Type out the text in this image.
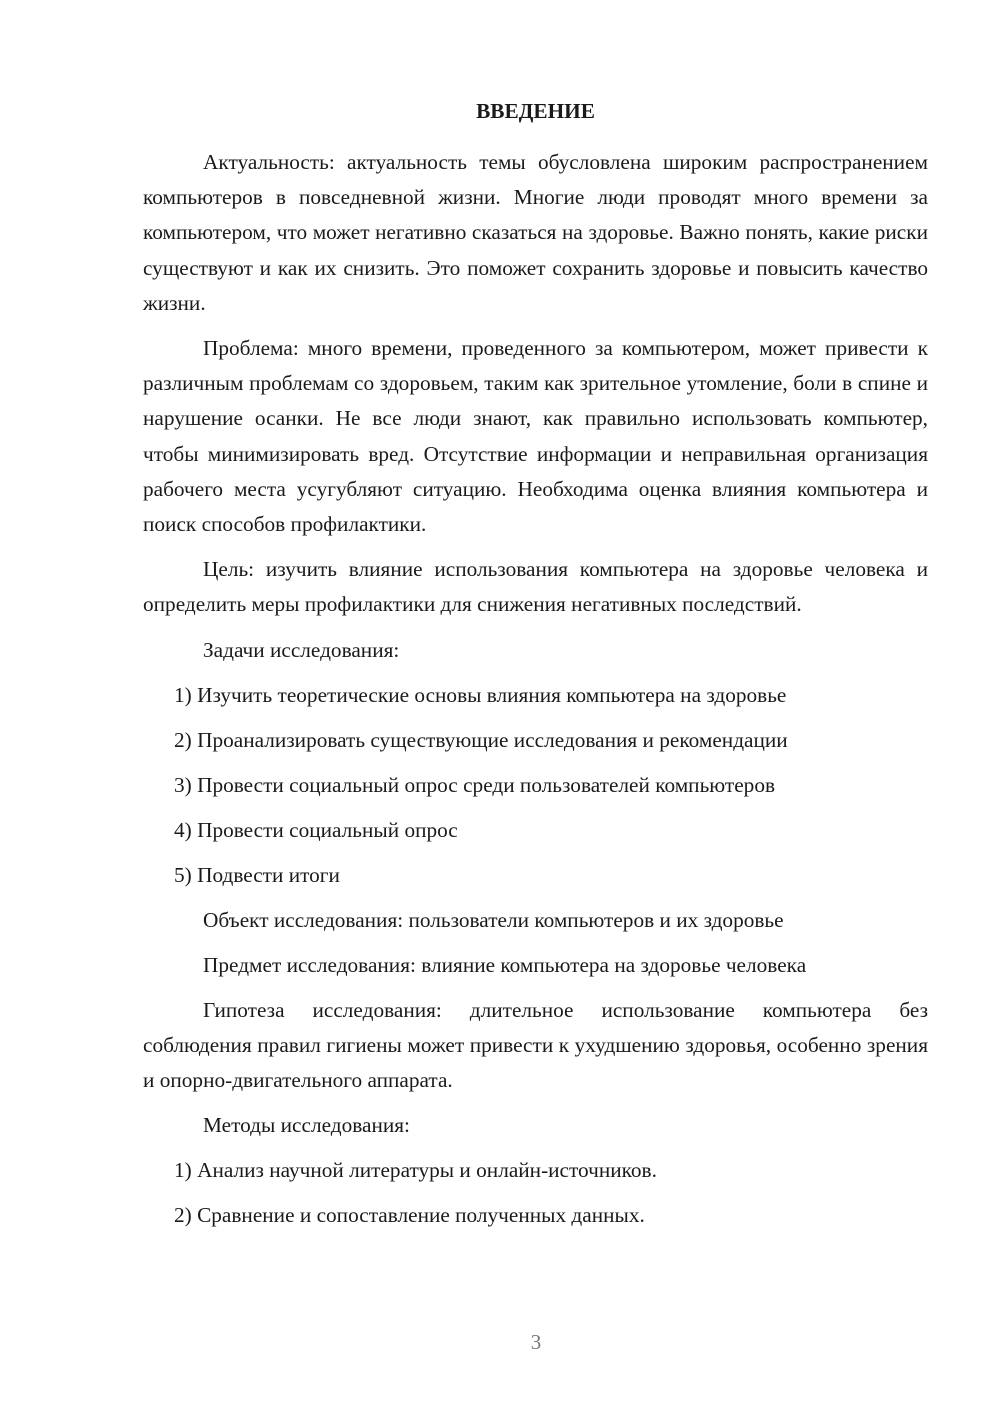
ВВЕДЕНИЕ

Актуальность: актуальность темы обусловлена широким распространением компьютеров в повседневной жизни. Многие люди проводят много времени за компьютером, что может негативно сказаться на здоровье. Важно понять, какие риски существуют и как их снизить. Это поможет сохранить здоровье и повысить качество жизни.

Проблема: много времени, проведенного за компьютером, может привести к различным проблемам со здоровьем, таким как зрительное утомление, боли в спине и нарушение осанки. Не все люди знают, как правильно использовать компьютер, чтобы минимизировать вред. Отсутствие информации и неправильная организация рабочего места усугубляют ситуацию. Необходима оценка влияния компьютера и поиск способов профилактики.

Цель: изучить влияние использования компьютера на здоровье человека и определить меры профилактики для снижения негативных последствий.

Задачи исследования:
1) Изучить теоретические основы влияния компьютера на здоровье
2) Проанализировать существующие исследования и рекомендации
3) Провести социальный опрос среди пользователей компьютеров
4) Провести социальный опрос
5) Подвести итоги
Объект исследования: пользователи компьютеров и их здоровье
Предмет исследования: влияние компьютера на здоровье человека

Гипотеза исследования: длительное использование компьютера без соблюдения правил гигиены может привести к ухудшению здоровья, особенно зрения и опорно-двигательного аппарата.

Методы исследования:
1) Анализ научной литературы и онлайн-источников.
2) Сравнение и сопоставление полученных данных.
3
